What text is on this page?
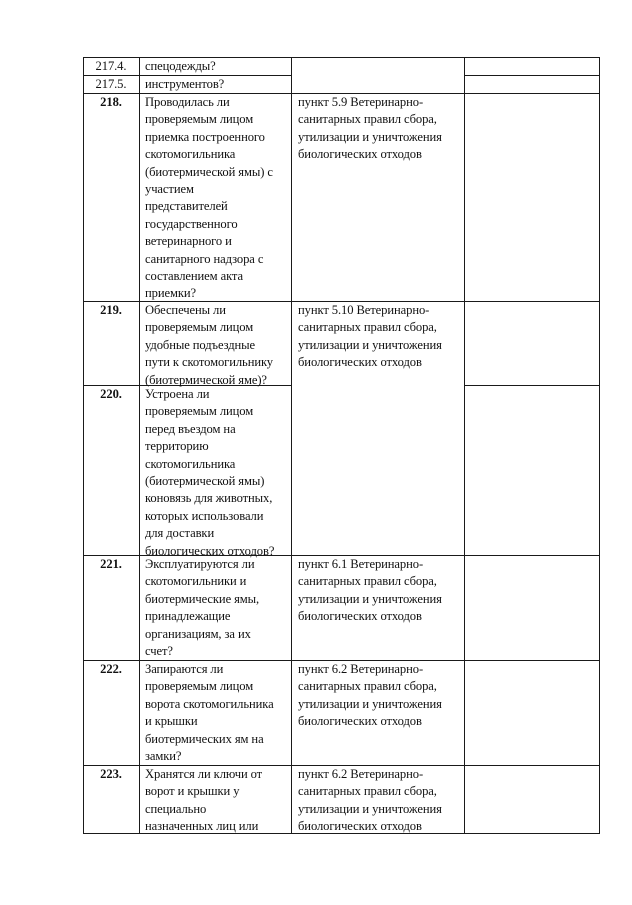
217.4.	спецодежды?
217.5.	инструментов?
218.	Проводилась ли
проверяемым лицом
приемка построенного
скотомогильника
(биотермической ямы) с
участием
представителей
государственного
ветеринарного и
санитарного надзора с
составлением акта
приемки?
пункт 5.9 Ветеринарно-
санитарных правил сбора,
утилизации и уничтожения
биологических отходов
219.	Обеспечены ли
проверяемым лицом
удобные подъездные
пути к скотомогильнику
(биотермической яме)?
пункт 5.10 Ветеринарно-
санитарных правил сбора,
утилизации и уничтожения
биологических отходов
220.	Устроена ли
проверяемым лицом
перед въездом на
территорию
скотомогильника
(биотермической ямы)
коновязь для животных,
которых использовали
для доставки
биологических отходов?
221.	Эксплуатируются ли
скотомогильники и
биотермические ямы,
принадлежащие
организациям, за их
счет?
пункт 6.1 Ветеринарно-
санитарных правил сбора,
утилизации и уничтожения
биологических отходов
222.	Запираются ли
проверяемым лицом
ворота скотомогильника
и крышки
биотермических ям на
замки?
пункт 6.2 Ветеринарно-
санитарных правил сбора,
утилизации и уничтожения
биологических отходов
223.	Хранятся ли ключи от
ворот и крышки у
специально
назначенных лиц или
пункт 6.2 Ветеринарно-
санитарных правил сбора,
утилизации и уничтожения
биологических отходов
